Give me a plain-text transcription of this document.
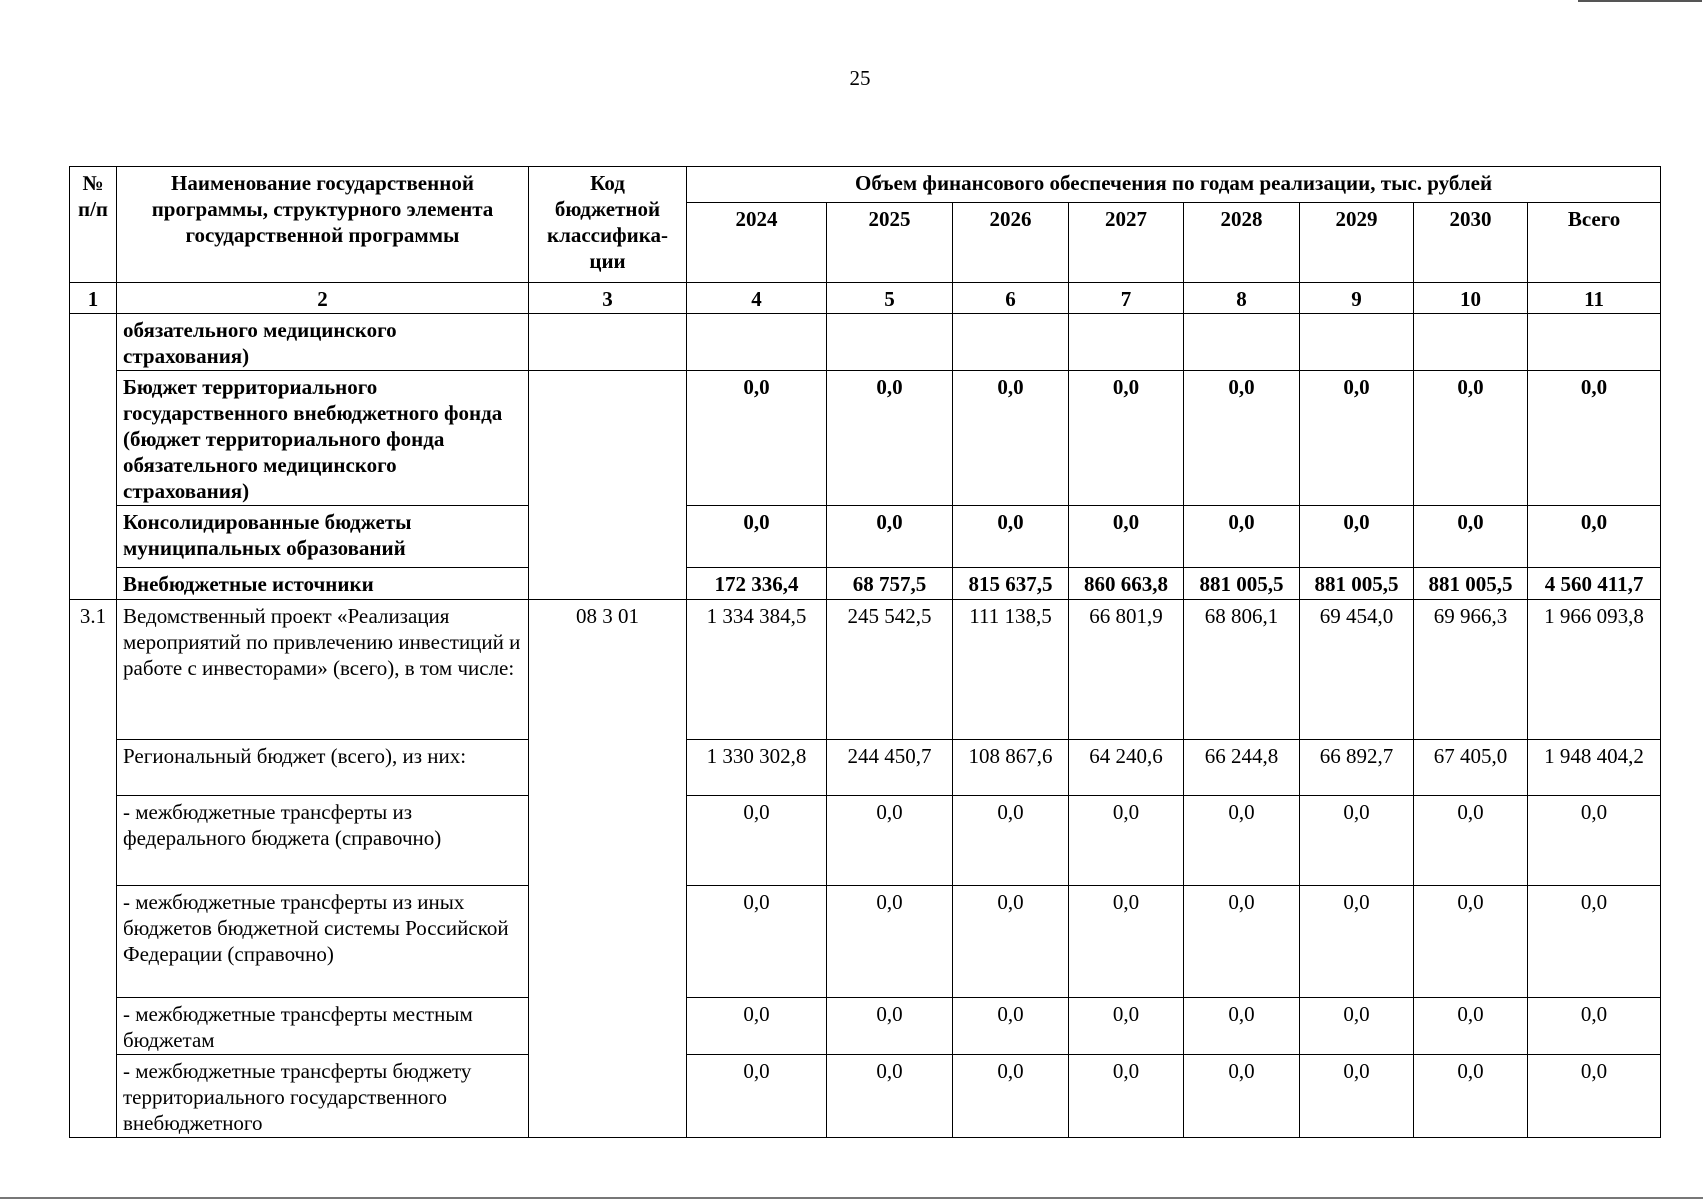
25
№ п/п	Наименование государственной программы, структурного элемента государственной программы	Код бюджетной классифика-ции	Объем финансового обеспечения по годам реализации, тыс. рублей							
			2024	2025	2026	2027	2028	2029	2030	Всего
1	2	3	4	5	6	7	8	9	10	11
	обязательного медицинского страхования)									
	Бюджет территориального государственного внебюджетного фонда (бюджет территориального фонда обязательного медицинского страхования)		0,0	0,0	0,0	0,0	0,0	0,0	0,0	0,0
	Консолидированные бюджеты муниципальных образований		0,0	0,0	0,0	0,0	0,0	0,0	0,0	0,0
	Внебюджетные источники		172 336,4	68 757,5	815 637,5	860 663,8	881 005,5	881 005,5	881 005,5	4 560 411,7
3.1	Ведомственный проект «Реализация мероприятий по привлечению инвестиций и работе с инвесторами» (всего), в том числе:	08 3 01	1 334 384,5	245 542,5	111 138,5	66 801,9	68 806,1	69 454,0	69 966,3	1 966 093,8
	Региональный бюджет (всего), из них:		1 330 302,8	244 450,7	108 867,6	64 240,6	66 244,8	66 892,7	67 405,0	1 948 404,2
	- межбюджетные трансферты из федерального бюджета (справочно)		0,0	0,0	0,0	0,0	0,0	0,0	0,0	0,0
	- межбюджетные трансферты из иных бюджетов бюджетной системы Российской Федерации (справочно)		0,0	0,0	0,0	0,0	0,0	0,0	0,0	0,0
	- межбюджетные трансферты местным бюджетам		0,0	0,0	0,0	0,0	0,0	0,0	0,0	0,0
	- межбюджетные трансферты бюджету территориального государственного внебюджетного		0,0	0,0	0,0	0,0	0,0	0,0	0,0	0,0
